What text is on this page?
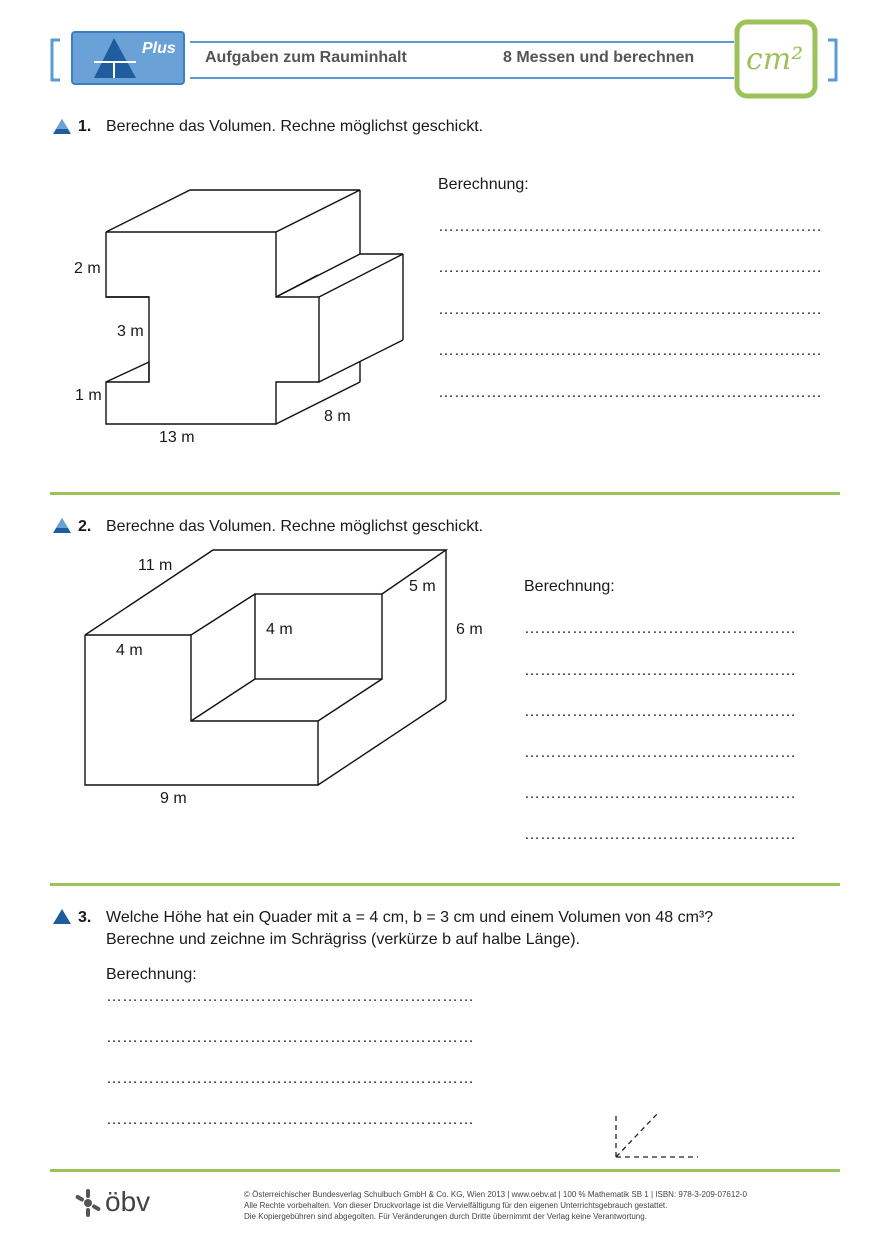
Plus
Aufgaben zum Rauminhalt	8 Messen und berechnen cm²
1. Berechne das Volumen. Rechne möglichst geschickt.
2 m
3 m
1 m
13 m
8 m
Berechnung:
………………………………………………………………
………………………………………………………………
………………………………………………………………
………………………………………………………………
………………………………………………………………
2. Berechne das Volumen. Rechne möglichst geschickt.
11 m
5 m
4 m	6 m
4 m
9 m
Berechnung:
……………………………………………
……………………………………………
……………………………………………
……………………………………………
……………………………………………
……………………………………………
3. Welche Höhe hat ein Quader mit a = 4 cm, b = 3 cm und einem Volumen von 48 cm³?
Berechne und zeichne im Schrägriss (verkürze b auf halbe Länge).
Berechnung:
……………………………………………………………
……………………………………………………………
……………………………………………………………
……………………………………………………………
öbv	© Österreichischer Bundesverlag Schulbuch GmbH & Co. KG, Wien 2013 | www.oebv.at | 100 % Mathematik SB 1 | ISBN: 978-3-209-07612-0
Alle Rechte vorbehalten. Von dieser Druckvorlage ist die Vervielfältigung für den eigenen Unterrichtsgebrauch gestattet.
Die Kopiergebühren sind abgegolten. Für Veränderungen durch Dritte übernimmt der Verlag keine Verantwortung.
